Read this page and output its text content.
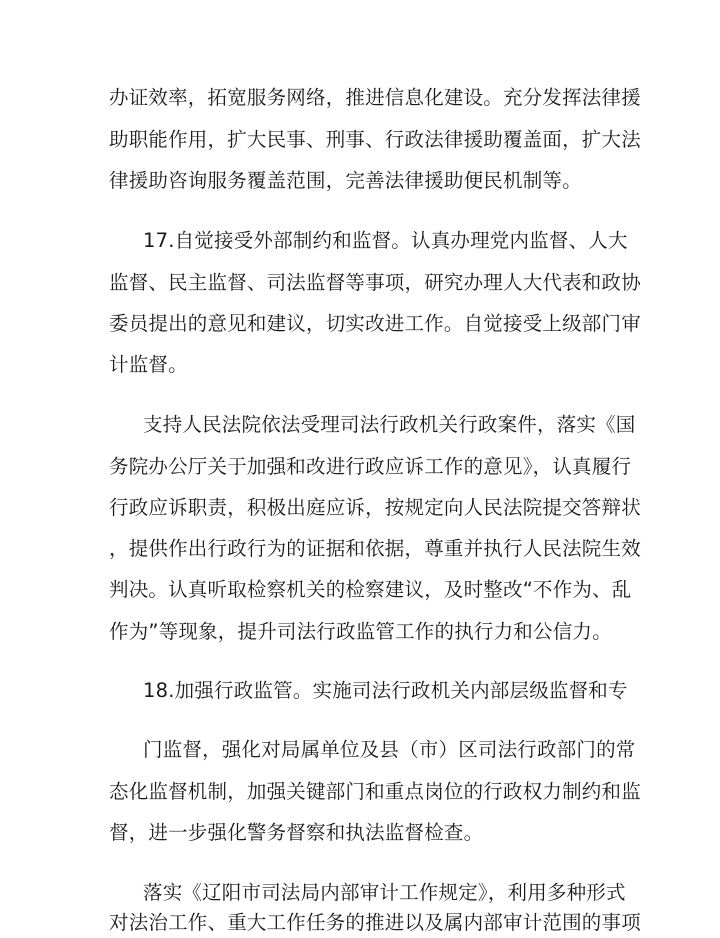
办证效率，拓宽服务网络，推进信息化建设。充分发挥法律援
助职能作用，扩大民事、刑事、行政法律援助覆盖面，扩大法
律援助咨询服务覆盖范围，完善法律援助便民机制等。
17.自觉接受外部制约和监督。认真办理党内监督、人大
监督、民主监督、司法监督等事项，研究办理人大代表和政协
委员提出的意见和建议，切实改进工作。自觉接受上级部门审
计监督。
支持人民法院依法受理司法行政机关行政案件，落实《国
务院办公厅关于加强和改进行政应诉工作的意见》，认真履行
行政应诉职责，积极出庭应诉，按规定向人民法院提交答辩状
，提供作出行政行为的证据和依据，尊重并执行人民法院生效
判决。认真听取检察机关的检察建议，及时整改“不作为、乱
作为”等现象，提升司法行政监管工作的执行力和公信力。
18.加强行政监管。实施司法行政机关内部层级监督和专
门监督，强化对局属单位及县（市）区司法行政部门的常
态化监督机制，加强关键部门和重点岗位的行政权力制约和监
督，进一步强化警务督察和执法监督检查。
落实《辽阳市司法局内部审计工作规定》，利用多种形式
对法治工作、重大工作任务的推进以及属内部审计范围的事项
